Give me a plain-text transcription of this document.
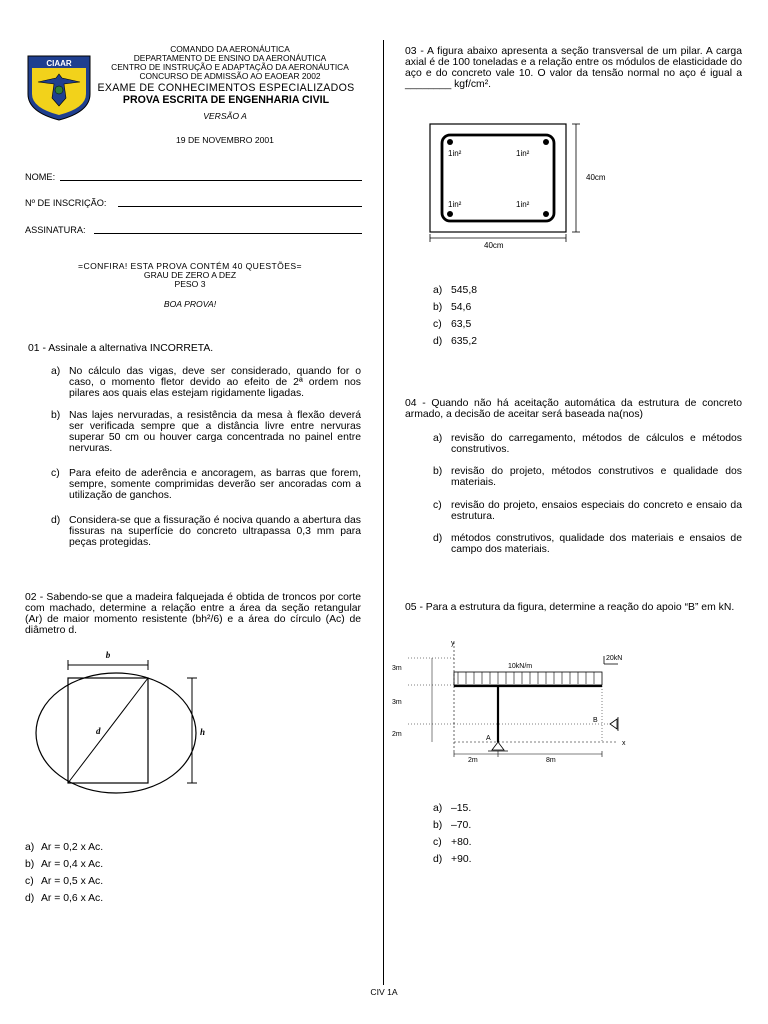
CIAAR
COMANDO DA AERONÁUTICA
DEPARTAMENTO DE ENSINO DA AERONÁUTICA
CENTRO DE INSTRUÇÃO E ADAPTAÇÃO DA AERONÁUTICA
CONCURSO DE ADMISSÃO AO EAOEAR 2002
EXAME DE CONHECIMENTOS ESPECIALIZADOS
PROVA ESCRITA DE ENGENHARIA CIVIL
VERSÃO A
19 DE NOVEMBRO 2001
NOME:
Nº DE INSCRIÇÃO:
ASSINATURA:
=CONFIRA! ESTA PROVA CONTÉM 40 QUESTÕES=
GRAU DE ZERO A DEZ
PESO 3
BOA PROVA!
01 - Assinale a alternativa INCORRETA.
a) No cálculo das vigas, deve ser considerado, quando for o caso, o momento fletor devido ao efeito de 2ª ordem nos pilares aos quais elas estejam rigidamente ligadas.
b) Nas lajes nervuradas, a resistência da mesa à flexão deverá ser verificada sempre que a distância livre entre nervuras superar 50 cm ou houver carga concentrada no painel entre nervuras.
c) Para efeito de aderência e ancoragem, as barras que forem, sempre, somente comprimidas deverão ser ancoradas com a utilização de ganchos.
d) Considera-se que a fissuração é nociva quando a abertura das fissuras na superfície do concreto ultrapassa 0,3 mm para peças protegidas.
02 - Sabendo-se que a madeira falquejada é obtida de troncos por corte com machado, determine a relação entre a área da seção retangular (Ar) de maior momento resistente (bh²/6) e a área do círculo (Ac) de diâmetro d.
b
d	h
a) Ar = 0,2 x Ac.
b) Ar = 0,4 x Ac.
c) Ar = 0,5 x Ac.
d) Ar = 0,6 x Ac.
03 - A figura abaixo apresenta a seção transversal de um pilar. A carga axial é de 100 toneladas e a relação entre os módulos de elasticidade do aço e do concreto vale 10. O valor da tensão normal no aço é igual a ________ kgf/cm².
1in²	1in²
1in²	1in²
40cm
40cm
a) 545,8
b) 54,6
c) 63,5
d) 635,2
04 - Quando não há aceitação automática da estrutura de concreto armado, a decisão de aceitar será baseada na(nos)
a) revisão do carregamento, métodos de cálculos e métodos construtivos.
b) revisão do projeto, métodos construtivos e qualidade dos materiais.
c) revisão do projeto, ensaios especiais do concreto e ensaio da estrutura.
d) métodos construtivos, qualidade dos materiais e ensaios de campo dos materiais.
05 - Para a estrutura da figura, determine a reação do apoio “B” em kN.
y
x
3m
3m
2m
10kN/m
20kN
A
B
2m	8m
a) –15.
b) –70.
c) +80.
d) +90.
CIV 1A
